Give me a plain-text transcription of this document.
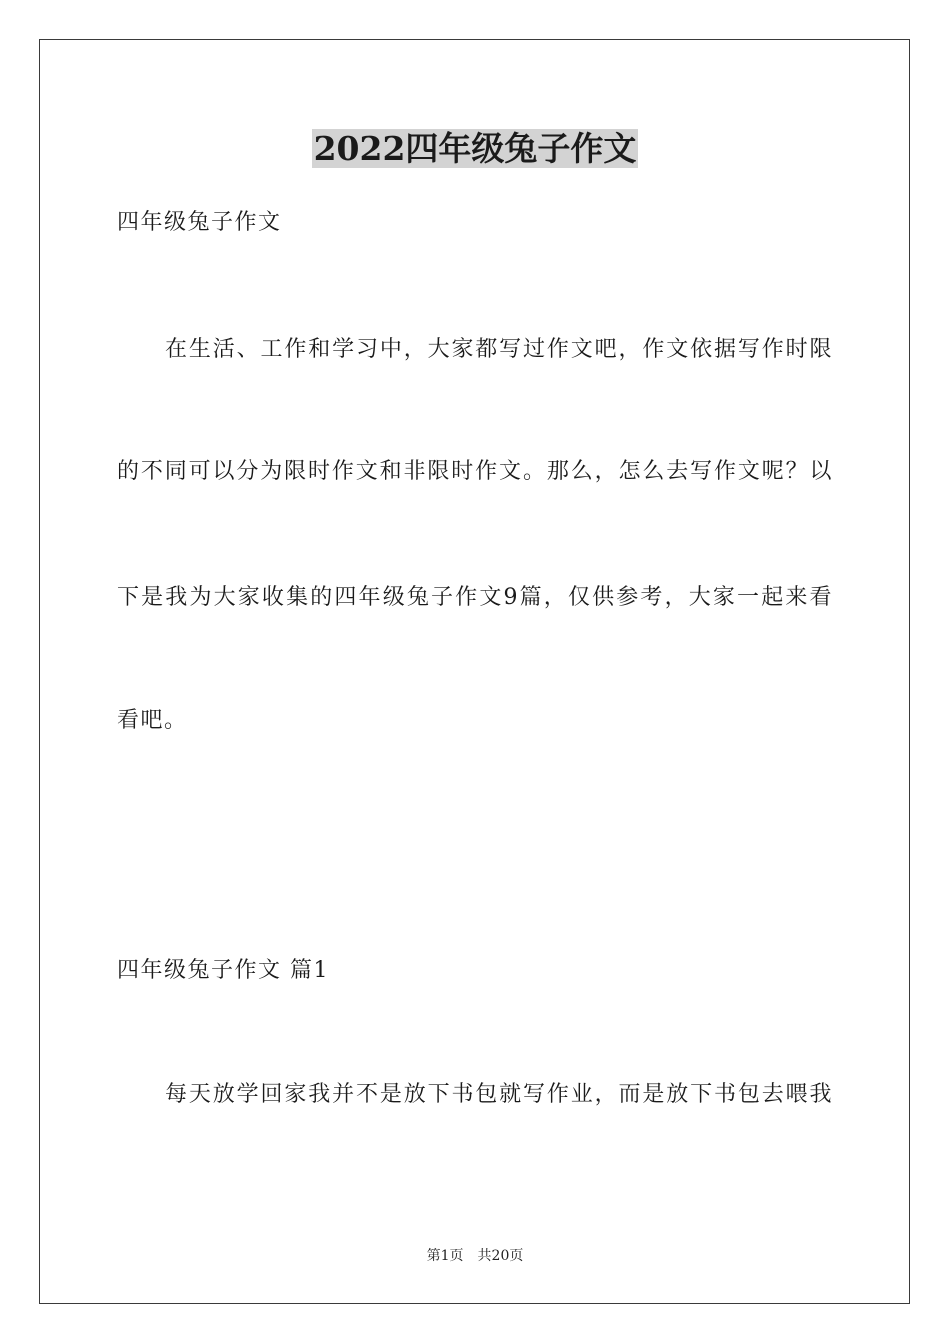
2022四年级兔子作文
四年级兔子作文
在生活、工作和学习中，大家都写过作文吧，作文依据写作时限
的不同可以分为限时作文和非限时作文。那么，怎么去写作文呢？以
下是我为大家收集的四年级兔子作文9篇，仅供参考，大家一起来看
看吧。
四年级兔子作文 篇1
每天放学回家我并不是放下书包就写作业，而是放下书包去喂我
第1页 共20页
